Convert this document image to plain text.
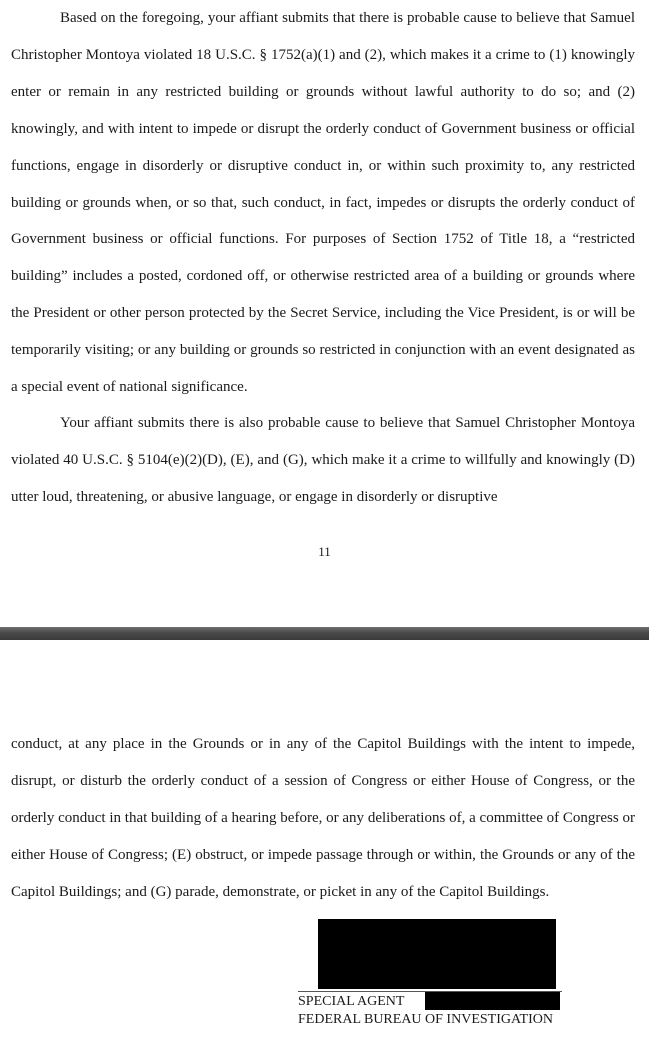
Based on the foregoing, your affiant submits that there is probable cause to believe that Samuel Christopher Montoya violated 18 U.S.C. § 1752(a)(1) and (2), which makes it a crime to (1) knowingly enter or remain in any restricted building or grounds without lawful authority to do so; and (2) knowingly, and with intent to impede or disrupt the orderly conduct of Government business or official functions, engage in disorderly or disruptive conduct in, or within such proximity to, any restricted building or grounds when, or so that, such conduct, in fact, impedes or disrupts the orderly conduct of Government business or official functions. For purposes of Section 1752 of Title 18, a “restricted building” includes a posted, cordoned off, or otherwise restricted area of a building or grounds where the President or other person protected by the Secret Service, including the Vice President, is or will be temporarily visiting; or any building or grounds so restricted in conjunction with an event designated as a special event of national significance.

Your affiant submits there is also probable cause to believe that Samuel Christopher Montoya violated 40 U.S.C. § 5104(e)(2)(D), (E), and (G), which make it a crime to willfully and knowingly (D) utter loud, threatening, or abusive language, or engage in disorderly or disruptive

11

conduct, at any place in the Grounds or in any of the Capitol Buildings with the intent to impede, disrupt, or disturb the orderly conduct of a session of Congress or either House of Congress, or the orderly conduct in that building of a hearing before, or any deliberations of, a committee of Congress or either House of Congress; (E) obstruct, or impede passage through or within, the Grounds or any of the Capitol Buildings; and (G) parade, demonstrate, or picket in any of the Capitol Buildings.

SPECIAL AGENT
FEDERAL BUREAU OF INVESTIGATION
